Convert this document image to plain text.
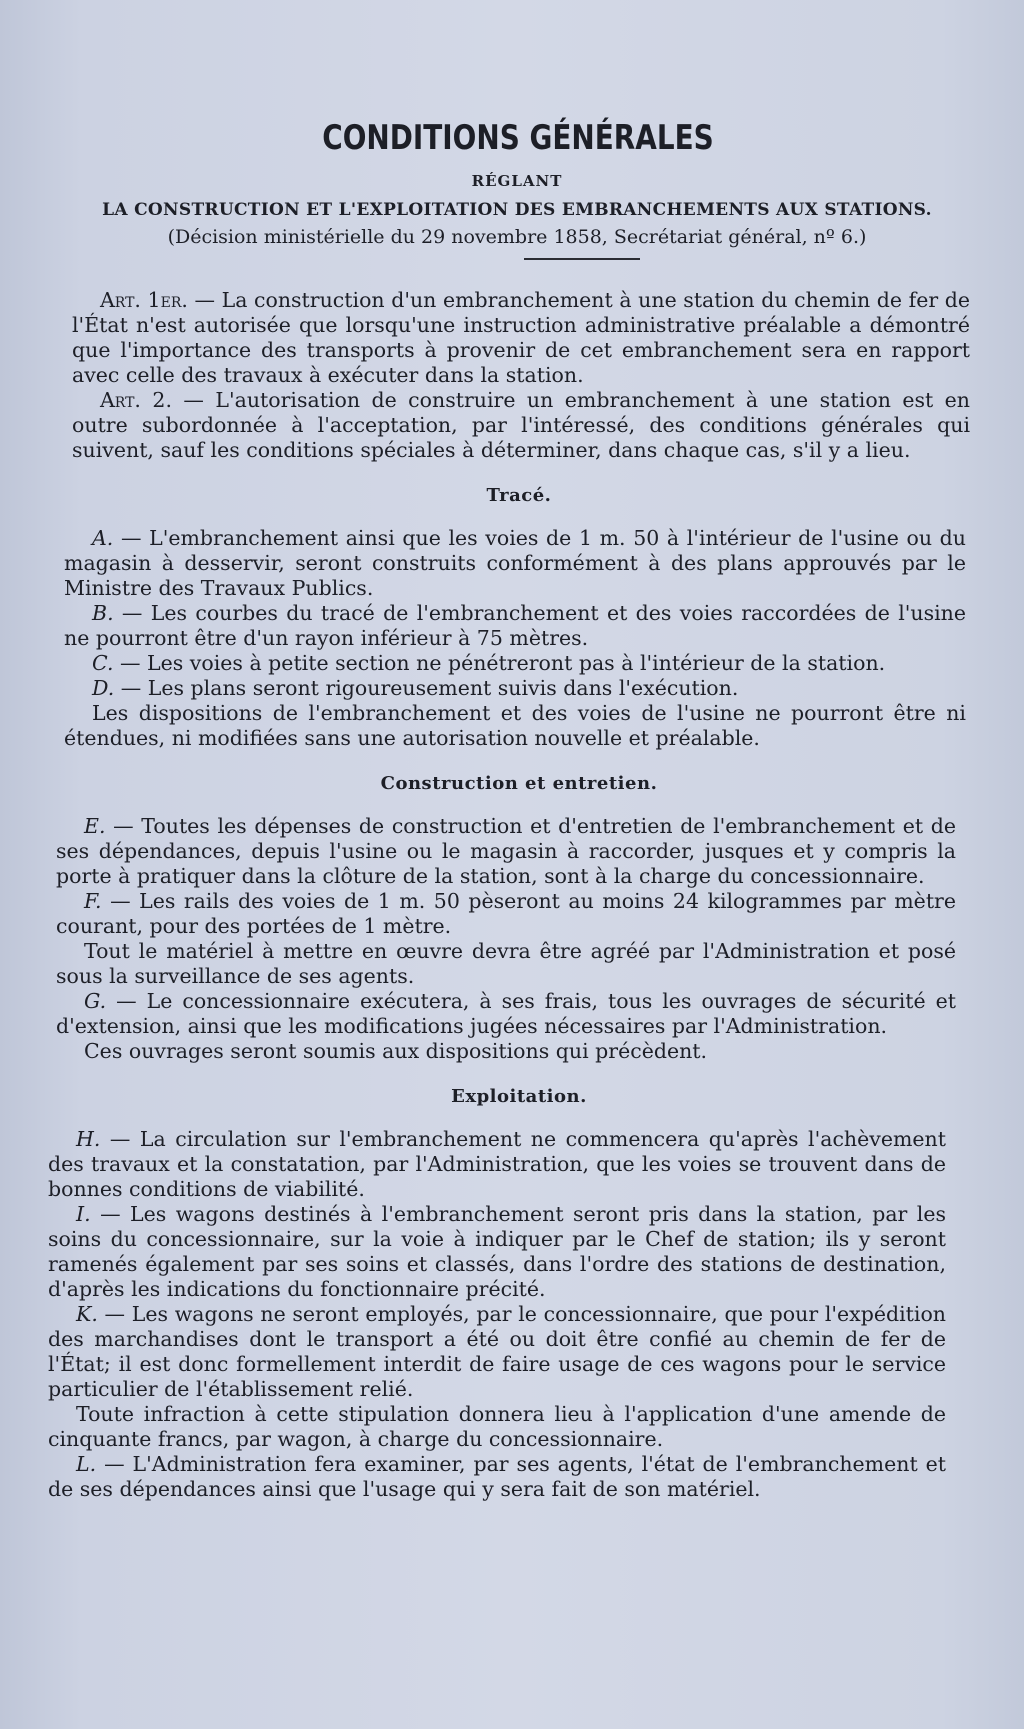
CONDITIONS GÉNÉRALES
RÉGLANT
LA CONSTRUCTION ET L'EXPLOITATION DES EMBRANCHEMENTS AUX STATIONS.
(Décision ministérielle du 29 novembre 1858, Secrétariat général, nº 6.)

Art. 1er. — La construction d'un embranchement à une station du chemin de fer de l'État n'est autorisée que lorsqu'une instruction administrative préalable a démontré que l'importance des transports à provenir de cet embranchement sera en rapport avec celle des travaux à exécuter dans la station.

Art. 2. — L'autorisation de construire un embranchement à une station est en outre subordonnée à l'acceptation, par l'intéressé, des conditions générales qui suivent, sauf les conditions spéciales à déterminer, dans chaque cas, s'il y a lieu.

Tracé.

A. — L'embranchement ainsi que les voies de 1 m. 50 à l'intérieur de l'usine ou du magasin à desservir, seront construits conformément à des plans approuvés par le Ministre des Travaux Publics.

B. — Les courbes du tracé de l'embranchement et des voies raccordées de l'usine ne pourront être d'un rayon inférieur à 75 mètres.

C. — Les voies à petite section ne pénétreront pas à l'intérieur de la station.

D. — Les plans seront rigoureusement suivis dans l'exécution.

Les dispositions de l'embranchement et des voies de l'usine ne pourront être ni étendues, ni modifiées sans une autorisation nouvelle et préalable.

Construction et entretien.

E. — Toutes les dépenses de construction et d'entretien de l'embranchement et de ses dépendances, depuis l'usine ou le magasin à raccorder, jusques et y compris la porte à pratiquer dans la clôture de la station, sont à la charge du concessionnaire.

F. — Les rails des voies de 1 m. 50 pèseront au moins 24 kilogrammes par mètre courant, pour des portées de 1 mètre.

Tout le matériel à mettre en œuvre devra être agréé par l'Administration et posé sous la surveillance de ses agents.

G. — Le concessionnaire exécutera, à ses frais, tous les ouvrages de sécurité et d'extension, ainsi que les modifications jugées nécessaires par l'Administration.

Ces ouvrages seront soumis aux dispositions qui précèdent.

Exploitation.

H. — La circulation sur l'embranchement ne commencera qu'après l'achèvement des travaux et la constatation, par l'Administration, que les voies se trouvent dans de bonnes conditions de viabilité.

I. — Les wagons destinés à l'embranchement seront pris dans la station, par les soins du concessionnaire, sur la voie à indiquer par le Chef de station; ils y seront ramenés également par ses soins et classés, dans l'ordre des stations de destination, d'après les indications du fonctionnaire précité.

K. — Les wagons ne seront employés, par le concessionnaire, que pour l'expédition des marchandises dont le transport a été ou doit être confié au chemin de fer de l'État; il est donc formellement interdit de faire usage de ces wagons pour le service particulier de l'établissement relié.

Toute infraction à cette stipulation donnera lieu à l'application d'une amende de cinquante francs, par wagon, à charge du concessionnaire.

L. — L'Administration fera examiner, par ses agents, l'état de l'embranchement et de ses dépendances ainsi que l'usage qui y sera fait de son matériel.
